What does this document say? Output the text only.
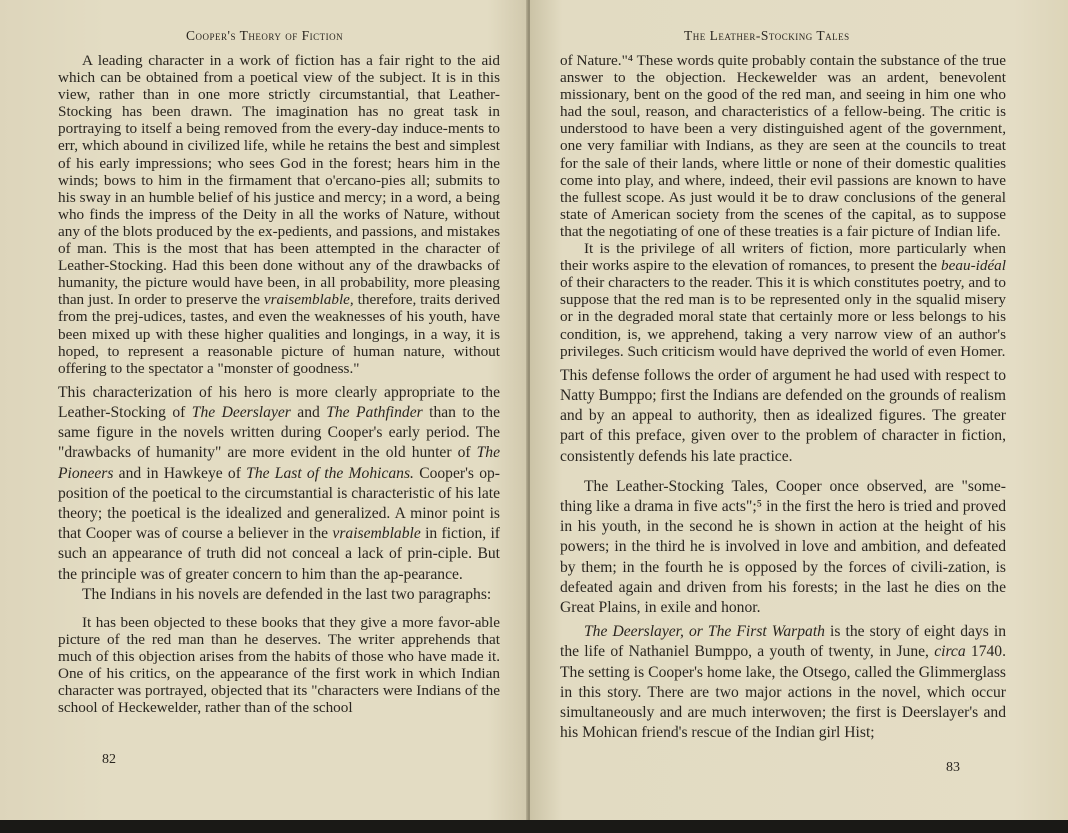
Cooper's Theory of Fiction

A leading character in a work of fiction has a fair right to the aid which can be obtained from a poetical view of the subject. It is in this view, rather than in one more strictly circumstantial, that Leather-Stocking has been drawn. The imagination has no great task in portraying to itself a being removed from the every-day induce-ments to err, which abound in civilized life, while he retains the best and simplest of his early impressions; who sees God in the forest; hears him in the winds; bows to him in the firmament that o'ercano-pies all; submits to his sway in an humble belief of his justice and mercy; in a word, a being who finds the impress of the Deity in all the works of Nature, without any of the blots produced by the ex-pedients, and passions, and mistakes of man. This is the most that has been attempted in the character of Leather-Stocking. Had this been done without any of the drawbacks of humanity, the picture would have been, in all probability, more pleasing than just. In order to preserve the vraisemblable, therefore, traits derived from the prej-udices, tastes, and even the weaknesses of his youth, have been mixed up with these higher qualities and longings, in a way, it is hoped, to represent a reasonable picture of human nature, without offering to the spectator a "monster of goodness."

This characterization of his hero is more clearly appropriate to the Leather-Stocking of The Deerslayer and The Pathfinder than to the same figure in the novels written during Cooper's early period. The "drawbacks of humanity" are more evident in the old hunter of The Pioneers and in Hawkeye of The Last of the Mohicans. Cooper's op-position of the poetical to the circumstantial is characteristic of his late theory; the poetical is the idealized and generalized. A minor point is that Cooper was of course a believer in the vraisemblable in fiction, if such an appearance of truth did not conceal a lack of prin-ciple. But the principle was of greater concern to him than the ap-pearance.

The Indians in his novels are defended in the last two paragraphs:

It has been objected to these books that they give a more favor-able picture of the red man than he deserves. The writer apprehends that much of this objection arises from the habits of those who have made it. One of his critics, on the appearance of the first work in which Indian character was portrayed, objected that its "characters were Indians of the school of Heckewelder, rather than of the school

82
The Leather-Stocking Tales

of Nature."⁴ These words quite probably contain the substance of the true answer to the objection. Heckewelder was an ardent, benevolent missionary, bent on the good of the red man, and seeing in him one who had the soul, reason, and characteristics of a fellow-being. The critic is understood to have been a very distinguished agent of the government, one very familiar with Indians, as they are seen at the councils to treat for the sale of their lands, where little or none of their domestic qualities come into play, and where, indeed, their evil passions are known to have the fullest scope. As just would it be to draw conclusions of the general state of American society from the scenes of the capital, as to suppose that the negotiating of one of these treaties is a fair picture of Indian life.

It is the privilege of all writers of fiction, more particularly when their works aspire to the elevation of romances, to present the beau-idéal of their characters to the reader. This it is which constitutes poetry, and to suppose that the red man is to be represented only in the squalid misery or in the degraded moral state that certainly more or less belongs to his condition, is, we apprehend, taking a very narrow view of an author's privileges. Such criticism would have deprived the world of even Homer.

This defense follows the order of argument he had used with respect to Natty Bumppo; first the Indians are defended on the grounds of realism and by an appeal to authority, then as idealized figures. The greater part of this preface, given over to the problem of character in fiction, consistently defends his late practice.

The Leather-Stocking Tales, Cooper once observed, are "some-thing like a drama in five acts";⁵ in the first the hero is tried and proved in his youth, in the second he is shown in action at the height of his powers; in the third he is involved in love and ambition, and defeated by them; in the fourth he is opposed by the forces of civili-zation, is defeated again and driven from his forests; in the last he dies on the Great Plains, in exile and honor.

The Deerslayer, or The First Warpath is the story of eight days in the life of Nathaniel Bumppo, a youth of twenty, in June, circa 1740. The setting is Cooper's home lake, the Otsego, called the Glimmerglass in this story. There are two major actions in the novel, which occur simultaneously and are much interwoven; the first is Deerslayer's and his Mohican friend's rescue of the Indian girl Hist;

83
